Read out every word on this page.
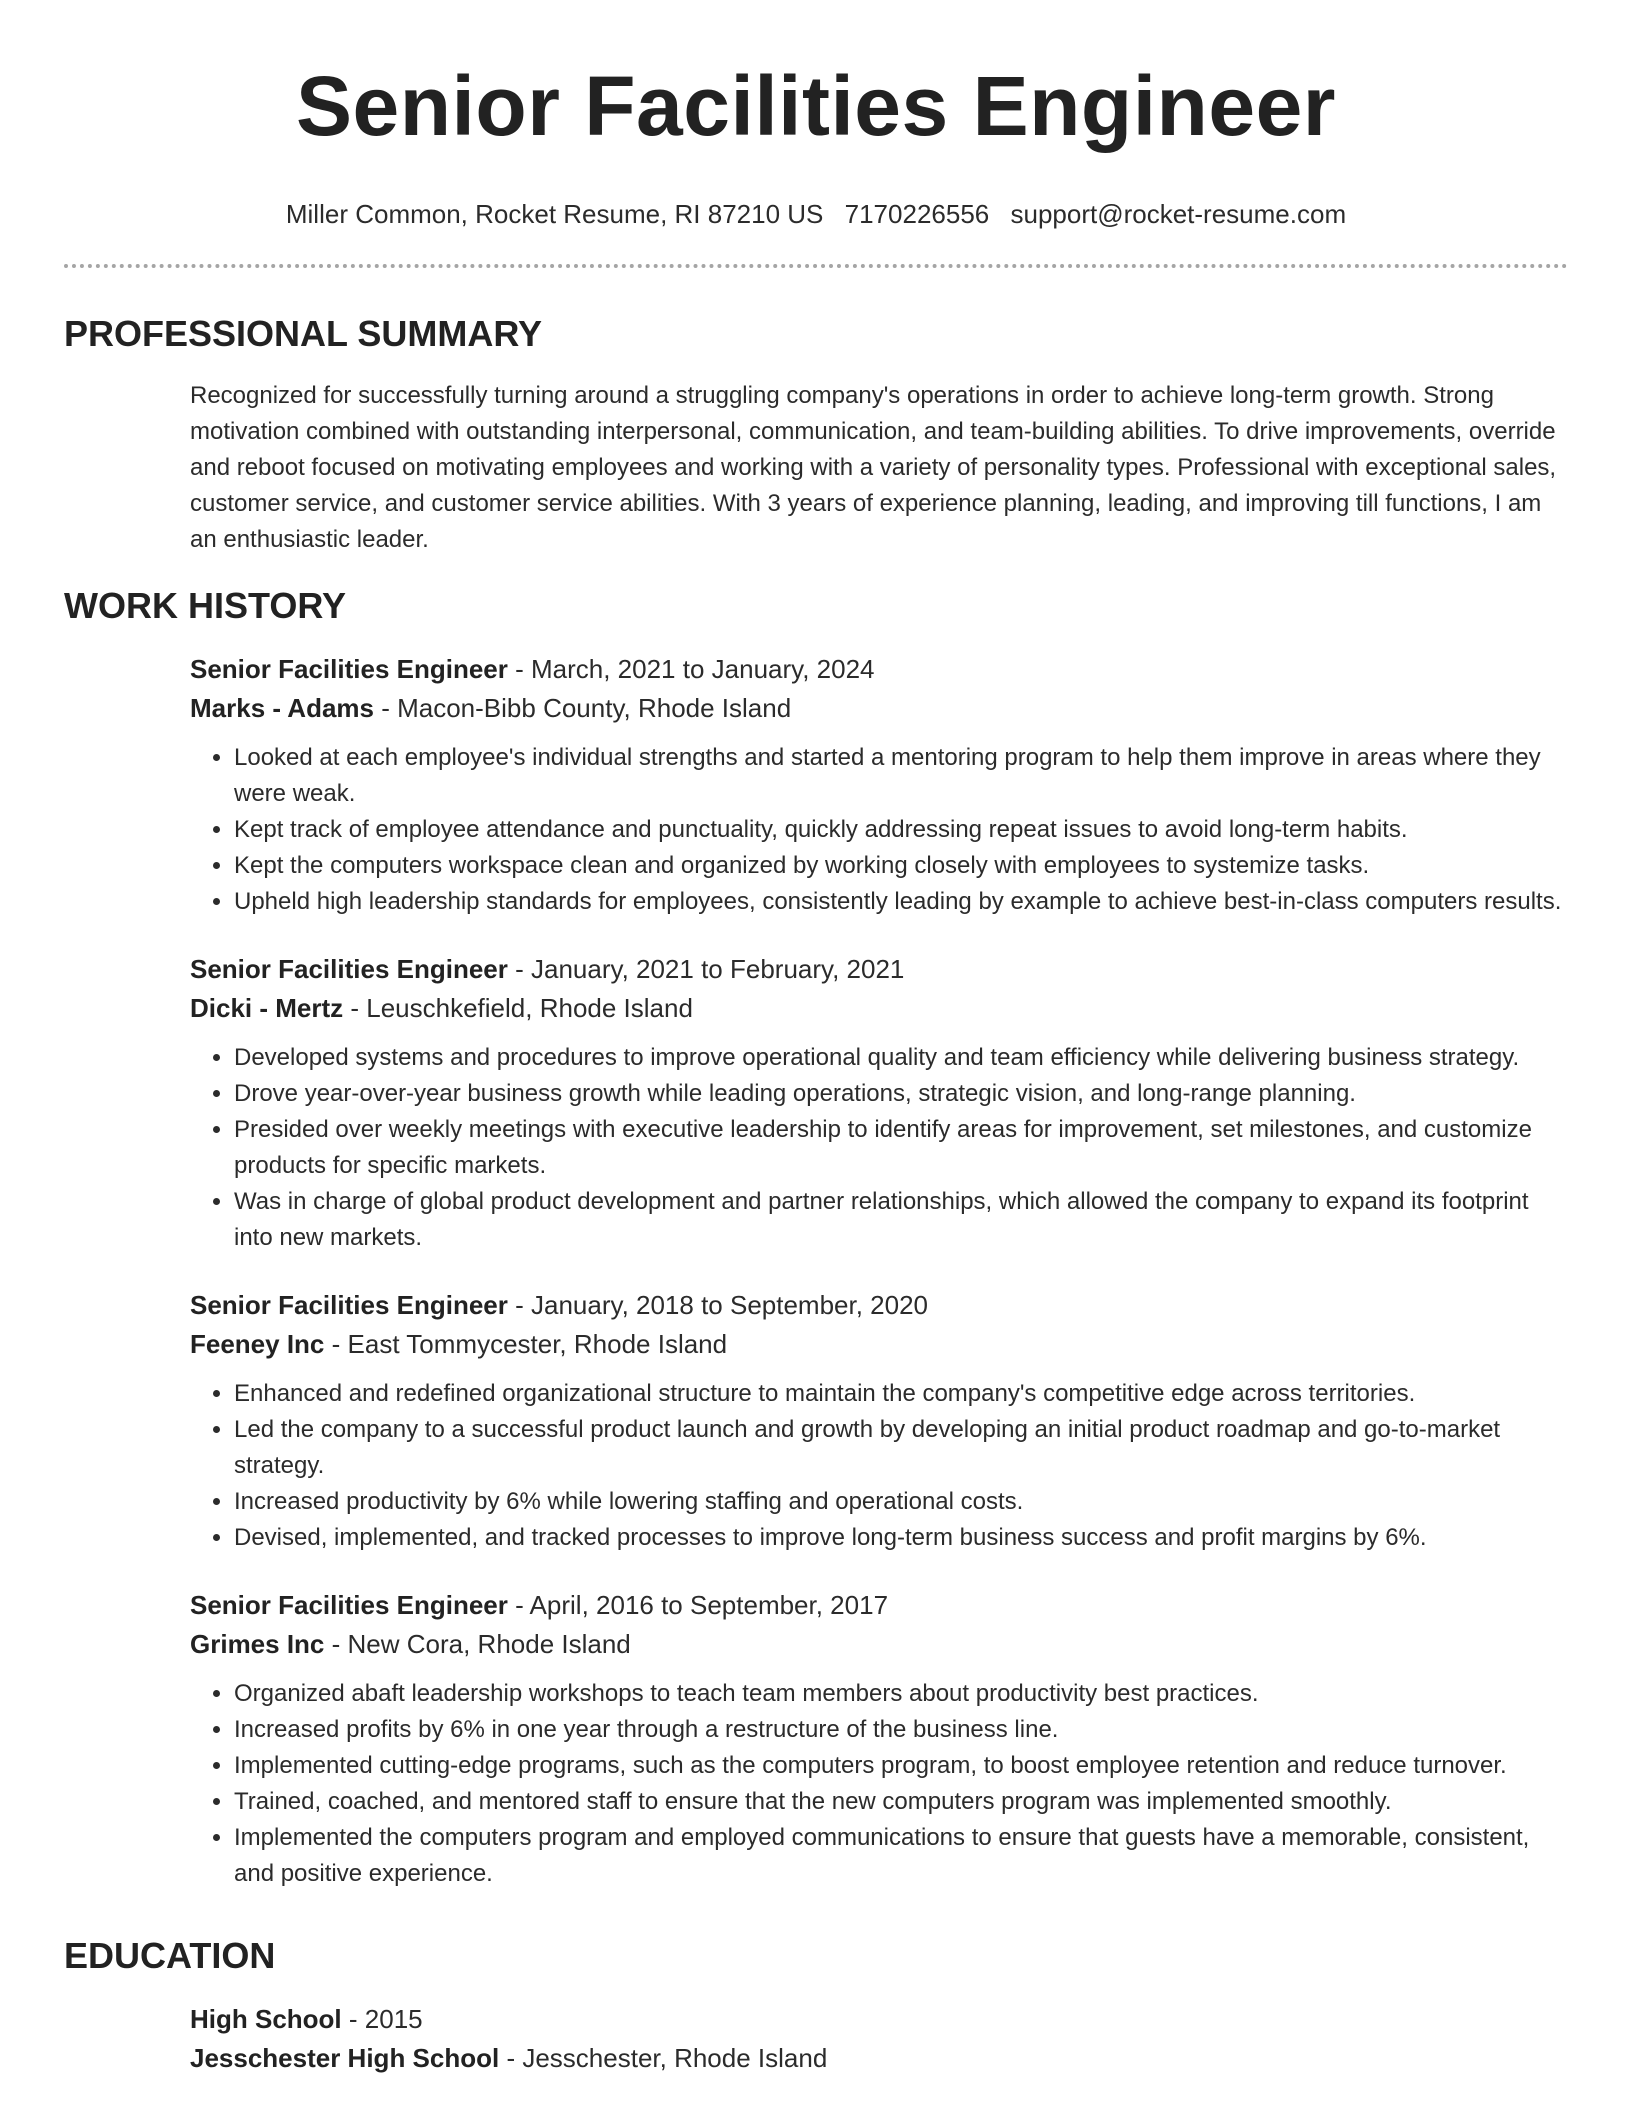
Senior Facilities Engineer
Miller Common, Rocket Resume, RI 87210 US 7170226556 support@rocket-resume.com
PROFESSIONAL SUMMARY
Recognized for successfully turning around a struggling company's operations in order to achieve long-term growth. Strong motivation combined with outstanding interpersonal, communication, and team-building abilities. To drive improvements, override and reboot focused on motivating employees and working with a variety of personality types. Professional with exceptional sales, customer service, and customer service abilities. With 3 years of experience planning, leading, and improving till functions, I am an enthusiastic leader.
WORK HISTORY
Senior Facilities Engineer - March, 2021 to January, 2024
Marks - Adams - Macon-Bibb County, Rhode Island
• Looked at each employee's individual strengths and started a mentoring program to help them improve in areas where they were weak.
• Kept track of employee attendance and punctuality, quickly addressing repeat issues to avoid long-term habits.
• Kept the computers workspace clean and organized by working closely with employees to systemize tasks.
• Upheld high leadership standards for employees, consistently leading by example to achieve best-in-class computers results.
Senior Facilities Engineer - January, 2021 to February, 2021
Dicki - Mertz - Leuschkefield, Rhode Island
• Developed systems and procedures to improve operational quality and team efficiency while delivering business strategy.
• Drove year-over-year business growth while leading operations, strategic vision, and long-range planning.
• Presided over weekly meetings with executive leadership to identify areas for improvement, set milestones, and customize products for specific markets.
• Was in charge of global product development and partner relationships, which allowed the company to expand its footprint into new markets.
Senior Facilities Engineer - January, 2018 to September, 2020
Feeney Inc - East Tommycester, Rhode Island
• Enhanced and redefined organizational structure to maintain the company's competitive edge across territories.
• Led the company to a successful product launch and growth by developing an initial product roadmap and go-to-market strategy.
• Increased productivity by 6% while lowering staffing and operational costs.
• Devised, implemented, and tracked processes to improve long-term business success and profit margins by 6%.
Senior Facilities Engineer - April, 2016 to September, 2017
Grimes Inc - New Cora, Rhode Island
• Organized abaft leadership workshops to teach team members about productivity best practices.
• Increased profits by 6% in one year through a restructure of the business line.
• Implemented cutting-edge programs, such as the computers program, to boost employee retention and reduce turnover.
• Trained, coached, and mentored staff to ensure that the new computers program was implemented smoothly.
• Implemented the computers program and employed communications to ensure that guests have a memorable, consistent, and positive experience.
EDUCATION
High School - 2015
Jesschester High School - Jesschester, Rhode Island
